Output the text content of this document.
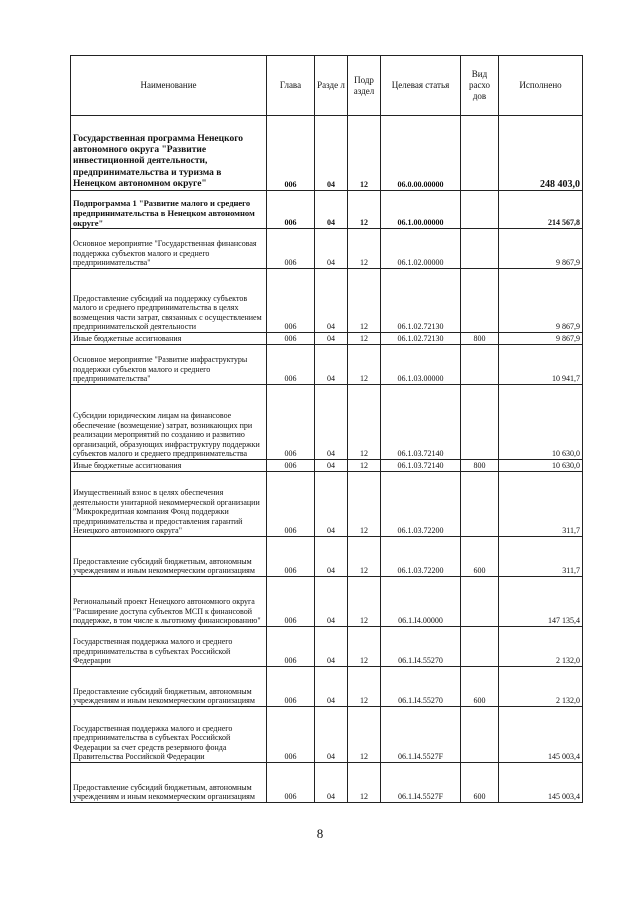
Наименование	Глава	Разде л	Подр аздел	Целевая статья	Вид расхо дов	Исполнено
Государственная программа Ненецкого автономного округа "Развитие инвестиционной деятельности, предпринимательства и туризма в Ненецком автономном округе"	006	04	12	06.0.00.00000		248 403,0
Подпрограмма 1 "Развитие малого и среднего предпринимательства в Ненецком автономном округе"	006	04	12	06.1.00.00000		214 567,8
Основное мероприятие "Государственная финансовая поддержка субъектов малого и среднего предпринимательства"	006	04	12	06.1.02.00000		9 867,9
Предоставление субсидий на поддержку субъектов малого и среднего предпринимательства в целях возмещения части затрат, связанных с осуществлением предпринимательской деятельности	006	04	12	06.1.02.72130		9 867,9
Иные бюджетные ассигнования	006	04	12	06.1.02.72130	800	9 867,9
Основное мероприятие "Развитие инфраструктуры поддержки субъектов малого и среднего предпринимательства"	006	04	12	06.1.03.00000		10 941,7
Субсидии юридическим лицам на финансовое обеспечение (возмещение) затрат, возникающих при реализации мероприятий по созданию и развитию организаций, образующих инфраструктуру поддержки субъектов малого и среднего предпринимательства	006	04	12	06.1.03.72140		10 630,0
Иные бюджетные ассигнования	006	04	12	06.1.03.72140	800	10 630,0
Имущественный взнос в целях обеспечения деятельности унитарной некоммерческой организации "Микрокредитная компания Фонд поддержки предпринимательства и предоставления гарантий Ненецкого автономного округа"	006	04	12	06.1.03.72200		311,7
Предоставление субсидий бюджетным, автономным учреждениям и иным некоммерческим организациям	006	04	12	06.1.03.72200	600	311,7
Региональный проект Ненецкого автономного округа "Расширение доступа субъектов МСП к финансовой поддержке, в том числе к льготному финансированию"	006	04	12	06.1.I4.00000		147 135,4
Государственная поддержка малого и среднего предпринимательства в субъектах Российской Федерации	006	04	12	06.1.I4.55270		2 132,0
Предоставление субсидий бюджетным, автономным учреждениям и иным некоммерческим организациям	006	04	12	06.1.I4.55270	600	2 132,0
Государственная поддержка малого и среднего предпринимательства в субъектах Российской Федерации за счет средств резервного фонда Правительства Российской Федерации	006	04	12	06.1.I4.5527F		145 003,4
Предоставление субсидий бюджетным, автономным учреждениям и иным некоммерческим организациям	006	04	12	06.1.I4.5527F	600	145 003,4
8
